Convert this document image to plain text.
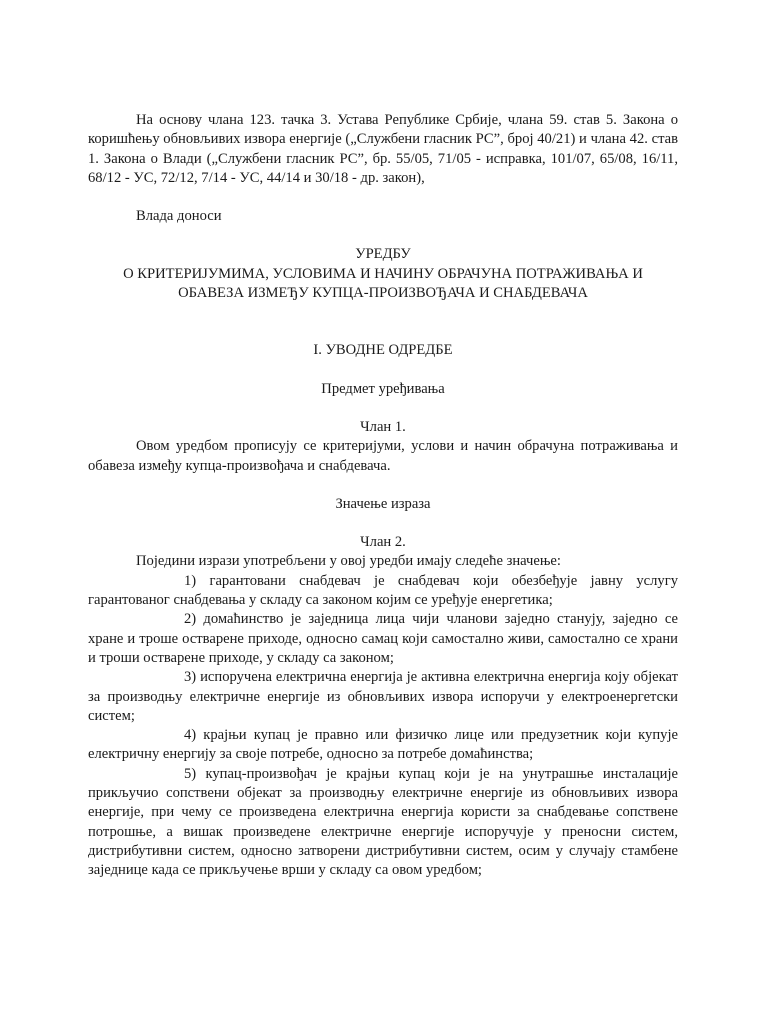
На основу члана 123. тачка 3. Устава Републике Србије, члана 59. став 5. Закона о коришћењу обновљивих извора енергије („Службени гласник РС”, број 40/21) и члана 42. став 1. Закона о Влади („Службени гласник РС”, бр. 55/05, 71/05 - исправка, 101/07, 65/08, 16/11, 68/12 - УС, 72/12, 7/14 - УС, 44/14 и 30/18 - др. закон),

Влада доноси

УРЕДБУ

О КРИТЕРИЈУМИМА, УСЛОВИМА И НАЧИНУ ОБРАЧУНА ПОТРАЖИВАЊА И

ОБАВЕЗА ИЗМЕЂУ КУПЦА-ПРОИЗВОЂАЧА И СНАБДЕВАЧА

I. УВОДНЕ ОДРЕДБЕ

Предмет уређивања

Члан 1.

Овом уредбом прописују се критеријуми, услови и начин обрачуна потраживања и обавеза између купца-произвођача и снабдевача.

Значење израза

Члан 2.

Поједини изрази употребљени у овој уредби имају следеће значење:

1) гарантовани снабдевач је снабдевач који обезбеђује јавну услугу гарантованог снабдевања у складу са законом којим се уређује енергетика;

2) домаћинство је заједница лица чији чланови заједно станују, заједно се хране и троше остварене приходе, односно самац који самостално живи, самостално се храни и троши остварене приходе, у складу са законом;

3) испоручена електрична енергија је активна електрична енергија коју објекат за производњу електричне енергије из обновљивих извора испоручи у електроенергетски систем;

4) крајњи купац је правно или физичко лице или предузетник који купује електричну енергију за своје потребе, односно за потребе домаћинства;

5) купац-произвођач је крајњи купац који је на унутрашње инсталације прикључио сопствени објекат за производњу електричне енергије из обновљивих извора енергије, при чему се произведена електрична енергија користи за снабдевање сопствене потрошње, а вишак произведене електричне енергије испоручује у преносни систем, дистрибутивни систем, односно затворени дистрибутивни систем, осим у случају стамбене заједнице када се прикључење врши у складу са овом уредбом;
